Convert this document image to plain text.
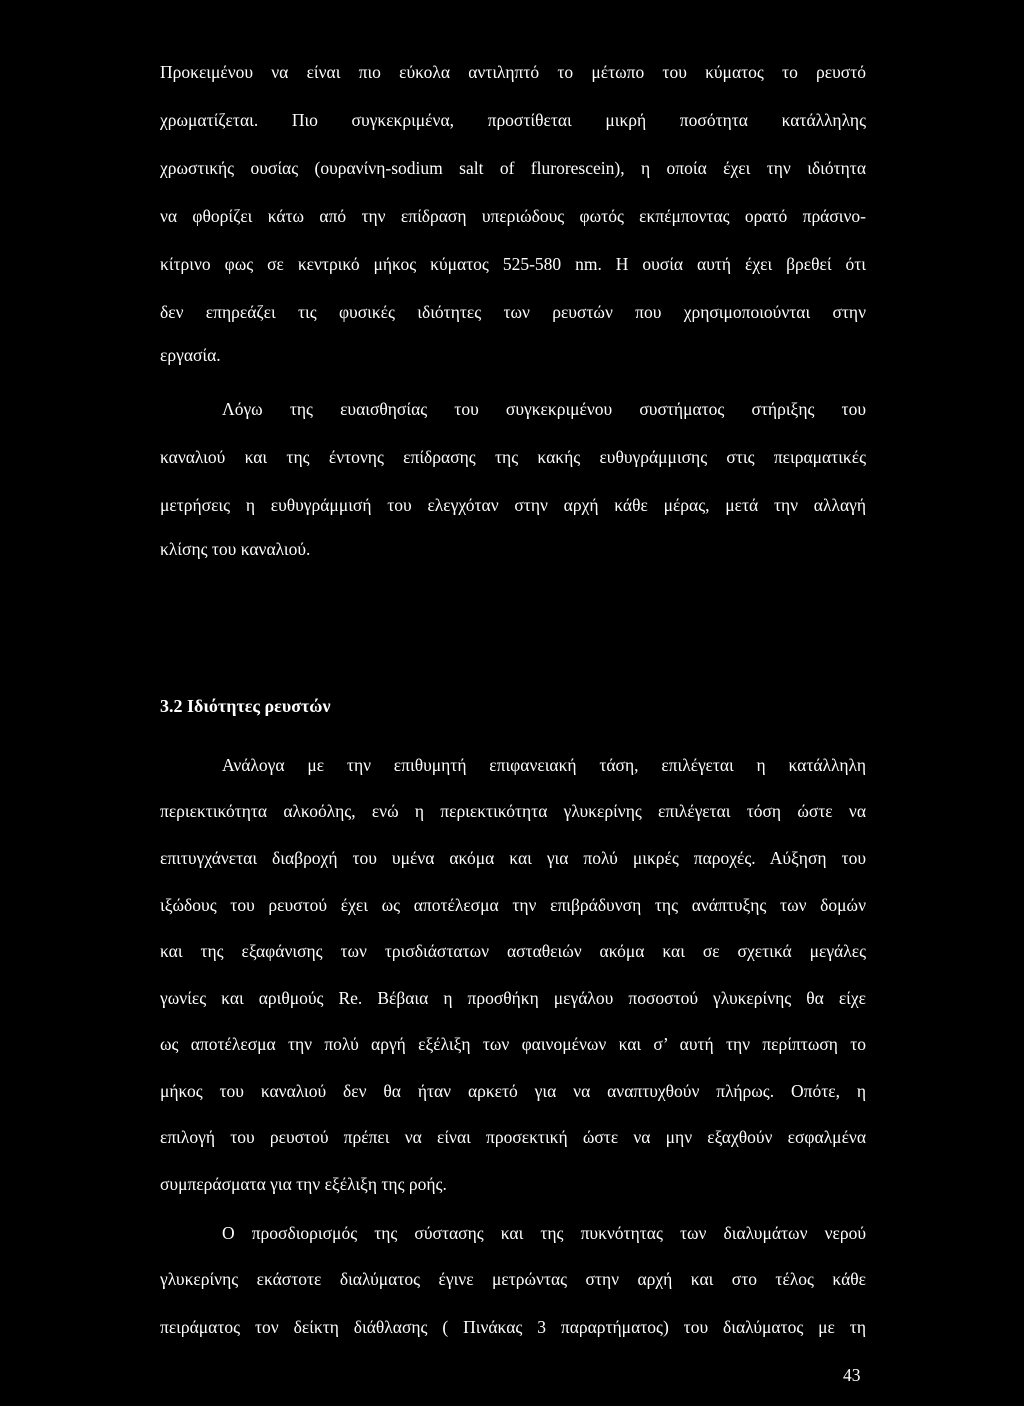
Προκειμένου να είναι πιο εύκολα αντιληπτό το μέτωπο του κύματος το ρευστό
χρωματίζεται. Πιο συγκεκριμένα, προστίθεται μικρή ποσότητα κατάλληλης
χρωστικής ουσίας (ουρανίνη-sodium salt of flurorescein), η οποία έχει την ιδιότητα
να φθορίζει κάτω από την επίδραση υπεριώδους φωτός εκπέμποντας ορατό πράσινο-
κίτρινο φως σε κεντρικό μήκος κύματος 525-580 nm. Η ουσία αυτή έχει βρεθεί ότι
δεν επηρεάζει τις φυσικές ιδιότητες των ρευστών που χρησιμοποιούνται στην
εργασία.
Λόγω της ευαισθησίας του συγκεκριμένου συστήματος στήριξης του
καναλιού και της έντονης επίδρασης της κακής ευθυγράμμισης στις πειραματικές
μετρήσεις η ευθυγράμμισή του ελεγχόταν στην αρχή κάθε μέρας, μετά την αλλαγή
κλίσης του καναλιού.
3.2 Ιδιότητες ρευστών
Ανάλογα με την επιθυμητή επιφανειακή τάση, επιλέγεται η κατάλληλη
περιεκτικότητα αλκοόλης, ενώ η περιεκτικότητα γλυκερίνης επιλέγεται τόση ώστε να
επιτυγχάνεται διαβροχή του υμένα ακόμα και για πολύ μικρές παροχές. Αύξηση του
ιξώδους του ρευστού έχει ως αποτέλεσμα την επιβράδυνση της ανάπτυξης των δομών
και της εξαφάνισης των τρισδιάστατων ασταθειών ακόμα και σε σχετικά μεγάλες
γωνίες και αριθμούς Re. Βέβαια η προσθήκη μεγάλου ποσοστού γλυκερίνης θα είχε
ως αποτέλεσμα την πολύ αργή εξέλιξη των φαινομένων και σ’ αυτή την περίπτωση το
μήκος του καναλιού δεν θα ήταν αρκετό για να αναπτυχθούν πλήρως. Οπότε, η
επιλογή του ρευστού πρέπει να είναι προσεκτική ώστε να μην εξαχθούν εσφαλμένα
συμπεράσματα για την εξέλιξη της ροής.
Ο προσδιορισμός της σύστασης και της πυκνότητας των διαλυμάτων νερού
γλυκερίνης εκάστοτε διαλύματος έγινε μετρώντας στην αρχή και στο τέλος κάθε
πειράματος τον δείκτη διάθλασης ( Πινάκας 3 παραρτήματος) του διαλύματος με τη
43
